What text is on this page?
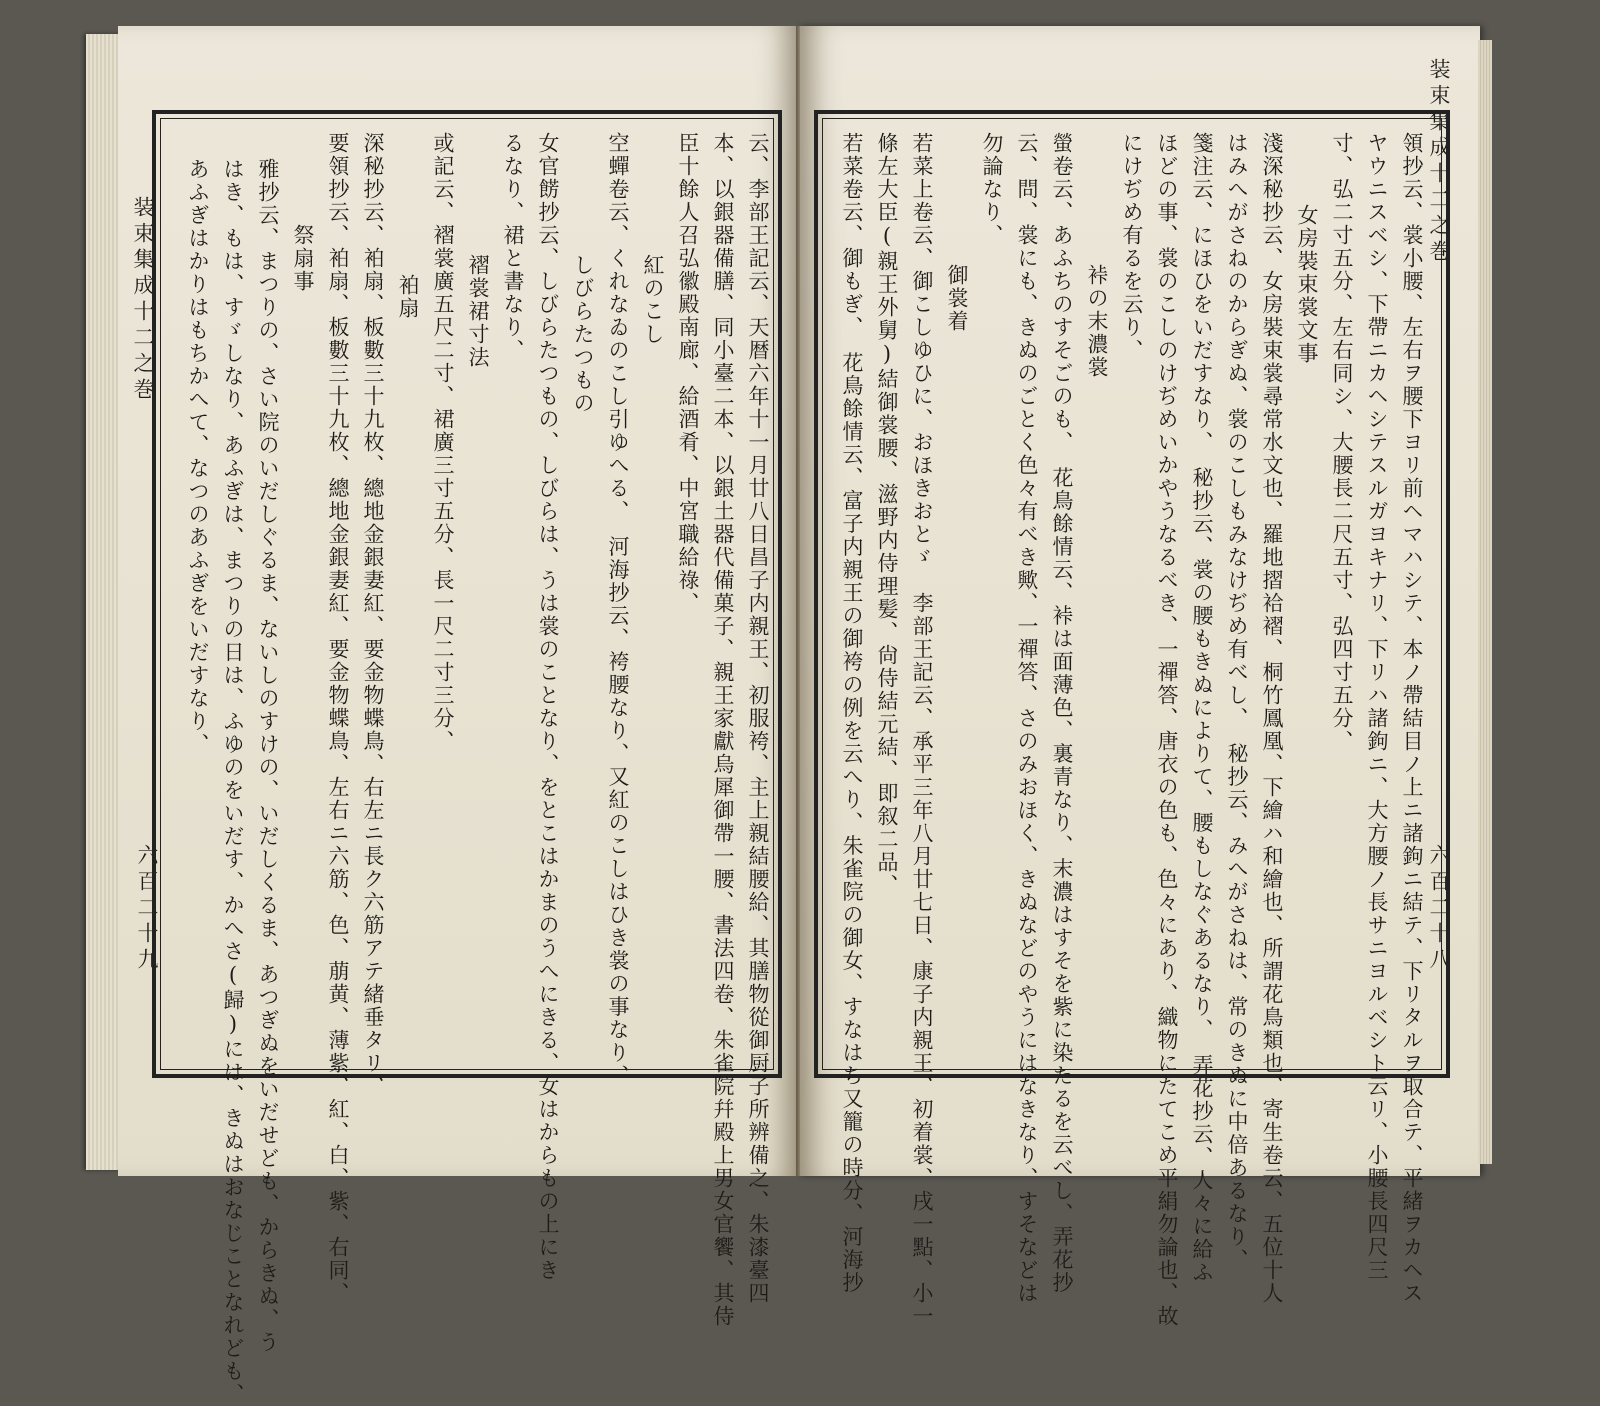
装束集成十二之巻
六百二十九
装束集成十二之巻
六百二十八
云、李部王記云、天暦六年十一月廿八日昌子内親王、初服袴、主上親結腰給、其膳物從御厨子所辨備之、朱漆臺四
本、以銀器備膳、同小臺二本、以銀土器代備菓子、親王家獻烏犀御帶一腰、書法四卷、朱雀院幷殿上男女官饗、其侍
臣十餘人召弘徽殿南廊、給酒肴、中宮職給祿、
紅のこし
空蟬卷云、くれなゐのこし引ゆへる、　河海抄云、袴腰なり、又紅のこしはひき裳の事なり、
しびらたつもの
女官餝抄云、しびらたつもの、しびらは、うは裳のことなり、をとこはかまのうへにきる、女はからもの上にき
るなり、裙と書なり、
褶裳裙寸法
或記云、褶裳廣五尺二寸、裙廣三寸五分、長一尺二寸三分、
袙扇
深秘抄云、袙扇、板數三十九枚、總地金銀妻紅、要金物蝶鳥、右左ニ長ク六筋アテ緒垂タリ、
要領抄云、袙扇、板數三十九枚、總地金銀妻紅、要金物蝶鳥、左右ニ六筋、色、萠黄、薄紫、紅、白、紫、右同、
祭扇事
雅抄云、まつりの、さい院のいだしぐるま、ないしのすけの、いだしくるま、あつぎぬをいだせども、からきぬ、う
はき、もは、すゞしなり、あふぎは、まつりの日は、ふゆのをいだす、かへさ(歸)には、きぬはおなじことなれども、
あふぎはかりはもちかへて、なつのあふぎをいだすなり、	領抄云、裳小腰、左右ヲ腰下ヨリ前ヘマハシテ、本ノ帶結目ノ上ニ諸鉤ニ結テ、下リタルヲ取合テ、平緒ヲカヘス
ヤウニスベシ、下帶ニカヘシテスルガヨキナリ、下リハ諸鉤ニ、大方腰ノ長サニヨルベシト云リ、小腰長四尺三
寸、弘二寸五分、左右同シ、大腰長二尺五寸、弘四寸五分、
女房裝束裳文事
淺深秘抄云、女房裝束裳尋常水文也、羅地摺袷褶、桐竹鳳凰、下繪ハ和繪也、所謂花鳥類也、寄生卷云、五位十人
はみへがさねのからぎぬ、裳のこしもみなけぢめ有べし、　秘抄云、みへがさねは、常のきぬに中倍あるなり、
箋注云、にほひをいだすなり、　秘抄云、裳の腰もきぬによりて、腰もしなぐあるなり、　弄花抄云、人々に給ふ
ほどの事、裳のこしのけぢめいかやうなるべき、一禪答、唐衣の色も、色々にあり、織物にたてこめ平絹勿論也、故
にけぢめ有るを云り、
裃の末濃裳
螢卷云、あふちのすそごのも、　花鳥餘情云、裃は面薄色、裏青なり、末濃はすそを紫に染たるを云べし、弄花抄
云、問、裳にも、きぬのごとく色々有べき歟、一禪答、さのみおほく、きぬなどのやうにはなきなり、すそなどは
勿論なり、
御裳着
若菜上卷云、御こしゆひに、おほきおとゞ　李部王記云、承平三年八月廿七日、康子内親王、初着裳、戌一點、小一
條左大臣(親王外舅)結御裳腰、滋野内侍理髪、尙侍結元結、即叙二品、
若菜卷云、御もぎ、　花鳥餘情云、富子内親王の御袴の例を云へり、朱雀院の御女、すなはち又籠の時分、河海抄
